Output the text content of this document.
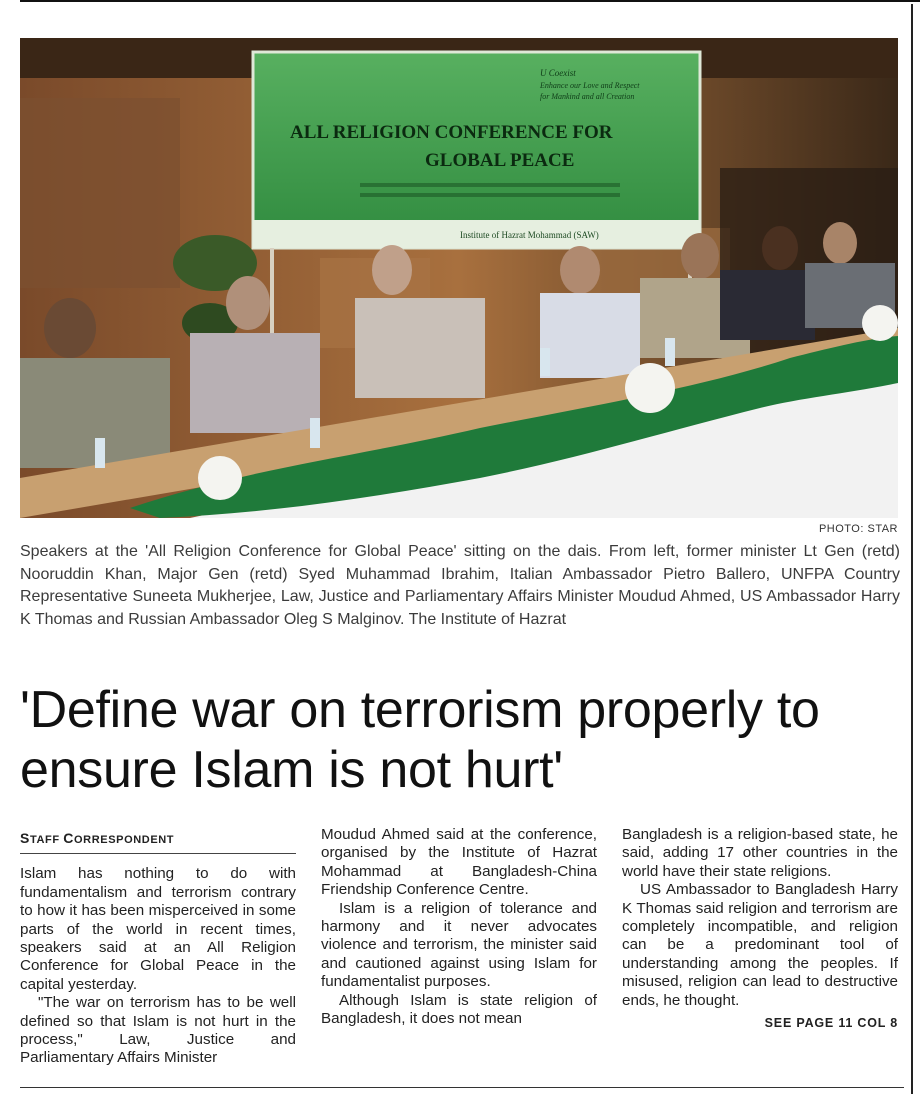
U Coexist
Enhance our Love and Respect
for Mankind and all Creation
ALL RELIGION CONFERENCE FOR
GLOBAL PEACE
Institute of Hazrat Mohammad (SAW)
PHOTO: STAR
Speakers at the 'All Religion Conference for Global Peace' sitting on the dais. From left, former minister Lt Gen (retd) Nooruddin Khan, Major Gen (retd) Syed Muhammad Ibrahim, Italian Ambassador Pietro Ballero, UNFPA Country Representative Suneeta Mukherjee, Law, Justice and Parliamentary Affairs Minister Moudud Ahmed, US Ambassador Harry K Thomas and Russian Ambassador Oleg S Malginov. The Institute of Hazrat
'Define war on terrorism properly to ensure Islam is not hurt'
STAFF CORRESPONDENT

Islam has nothing to do with fundamentalism and terrorism contrary to how it has been misperceived in some parts of the world in recent times, speakers said at an All Religion Conference for Global Peace in the capital yesterday.

"The war on terrorism has to be well defined so that Islam is not hurt in the process," Law, Justice and Parliamentary Affairs Minister

Moudud Ahmed said at the conference, organised by the Institute of Hazrat Mohammad at Bangladesh-China Friendship Conference Centre.

Islam is a religion of tolerance and harmony and it never advocates violence and terrorism, the minister said and cautioned against using Islam for fundamentalist purposes.

Although Islam is state religion of Bangladesh, it does not mean

Bangladesh is a religion-based state, he said, adding 17 other countries in the world have their state religions.

US Ambassador to Bangladesh Harry K Thomas said religion and terrorism are completely incompatible, and religion can be a predominant tool of understanding among the peoples. If misused, religion can lead to destructive ends, he thought.

SEE PAGE 11 COL 8
